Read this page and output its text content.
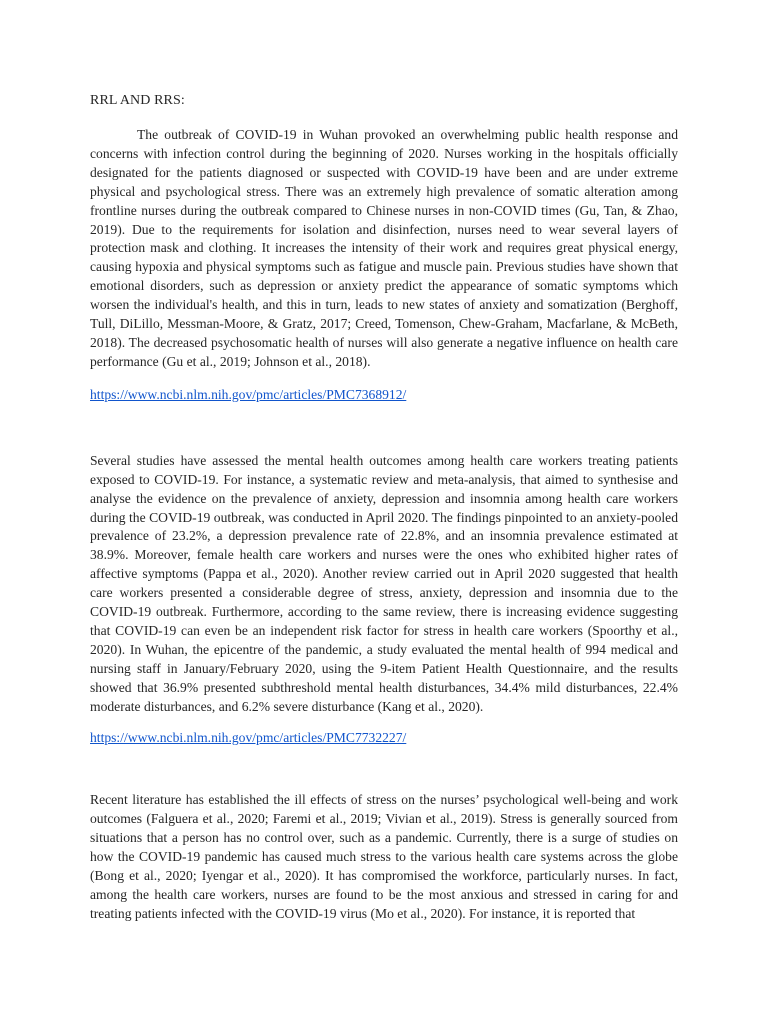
RRL AND RRS:

The outbreak of COVID-19 in Wuhan provoked an overwhelming public health response and concerns with infection control during the beginning of 2020. Nurses working in the hospitals officially designated for the patients diagnosed or suspected with COVID-19 have been and are under extreme physical and psychological stress. There was an extremely high prevalence of somatic alteration among frontline nurses during the outbreak compared to Chinese nurses in non-COVID times (Gu, Tan, & Zhao, 2019). Due to the requirements for isolation and disinfection, nurses need to wear several layers of protection mask and clothing. It increases the intensity of their work and requires great physical energy, causing hypoxia and physical symptoms such as fatigue and muscle pain. Previous studies have shown that emotional disorders, such as depression or anxiety predict the appearance of somatic symptoms which worsen the individual's health, and this in turn, leads to new states of anxiety and somatization (Berghoff, Tull, DiLillo, Messman-Moore, & Gratz, 2017; Creed, Tomenson, Chew-Graham, Macfarlane, & McBeth, 2018). The decreased psychosomatic health of nurses will also generate a negative influence on health care performance (Gu et al., 2019; Johnson et al., 2018).

https://www.ncbi.nlm.nih.gov/pmc/articles/PMC7368912/

Several studies have assessed the mental health outcomes among health care workers treating patients exposed to COVID-19. For instance, a systematic review and meta-analysis, that aimed to synthesise and analyse the evidence on the prevalence of anxiety, depression and insomnia among health care workers during the COVID-19 outbreak, was conducted in April 2020. The findings pinpointed to an anxiety-pooled prevalence of 23.2%, a depression prevalence rate of 22.8%, and an insomnia prevalence estimated at 38.9%. Moreover, female health care workers and nurses were the ones who exhibited higher rates of affective symptoms (Pappa et al., 2020). Another review carried out in April 2020 suggested that health care workers presented a considerable degree of stress, anxiety, depression and insomnia due to the COVID-19 outbreak. Furthermore, according to the same review, there is increasing evidence suggesting that COVID-19 can even be an independent risk factor for stress in health care workers (Spoorthy et al., 2020). In Wuhan, the epicentre of the pandemic, a study evaluated the mental health of 994 medical and nursing staff in January/February 2020, using the 9-item Patient Health Questionnaire, and the results showed that 36.9% presented subthreshold mental health disturbances, 34.4% mild disturbances, 22.4% moderate disturbances, and 6.2% severe disturbance (Kang et al., 2020).

https://www.ncbi.nlm.nih.gov/pmc/articles/PMC7732227/

Recent literature has established the ill effects of stress on the nurses’ psychological well-being and work outcomes (Falguera et al., 2020; Faremi et al., 2019; Vivian et al., 2019). Stress is generally sourced from situations that a person has no control over, such as a pandemic. Currently, there is a surge of studies on how the COVID-19 pandemic has caused much stress to the various health care systems across the globe (Bong et al., 2020; Iyengar et al., 2020). It has compromised the workforce, particularly nurses. In fact, among the health care workers, nurses are found to be the most anxious and stressed in caring for and treating patients infected with the COVID-19 virus (Mo et al., 2020). For instance, it is reported that
